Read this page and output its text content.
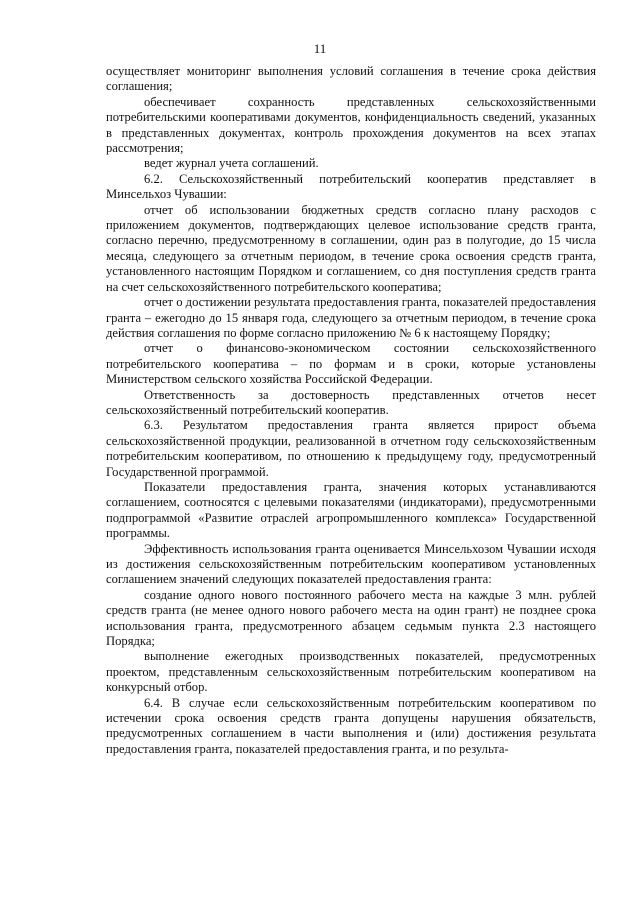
11

осуществляет мониторинг выполнения условий соглашения в течение срока действия соглашения;

обеспечивает сохранность представленных сельскохозяйственными потребительскими кооперативами документов, конфиденциальность сведений, указанных в представленных документах, контроль прохождения документов на всех этапах рассмотрения;

ведет журнал учета соглашений.

6.2. Сельскохозяйственный потребительский кооператив представляет в Минсельхоз Чувашии:

отчет об использовании бюджетных средств согласно плану расходов с приложением документов, подтверждающих целевое использование средств гранта, согласно перечню, предусмотренному в соглашении, один раз в полугодие, до 15 числа месяца, следующего за отчетным периодом, в течение срока освоения средств гранта, установленного настоящим Порядком и соглашением, со дня поступления средств гранта на счет сельскохозяйственного потребительского кооператива;

отчет о достижении результата предоставления гранта, показателей предоставления гранта – ежегодно до 15 января года, следующего за отчетным периодом, в течение срока действия соглашения по форме согласно приложению № 6 к настоящему Порядку;

отчет о финансово-экономическом состоянии сельскохозяйственного потребительского кооператива – по формам и в сроки, которые установлены Министерством сельского хозяйства Российской Федерации.

Ответственность за достоверность представленных отчетов несет сельскохозяйственный потребительский кооператив.

6.3. Результатом предоставления гранта является прирост объема сельскохозяйственной продукции, реализованной в отчетном году сельскохозяйственным потребительским кооперативом, по отношению к предыдущему году, предусмотренный Государственной программой.

Показатели предоставления гранта, значения которых устанавливаются соглашением, соотносятся с целевыми показателями (индикаторами), предусмотренными подпрограммой «Развитие отраслей агропромышленного комплекса» Государственной программы.

Эффективность использования гранта оценивается Минсельхозом Чувашии исходя из достижения сельскохозяйственным потребительским кооперативом установленных соглашением значений следующих показателей предоставления гранта:

создание одного нового постоянного рабочего места на каждые 3 млн. рублей средств гранта (не менее одного нового рабочего места на один грант) не позднее срока использования гранта, предусмотренного абзацем седьмым пункта 2.3 настоящего Порядка;

выполнение ежегодных производственных показателей, предусмотренных проектом, представленным сельскохозяйственным потребительским кооперативом на конкурсный отбор.

6.4. В случае если сельскохозяйственным потребительским кооперативом по истечении срока освоения средств гранта допущены нарушения обязательств, предусмотренных соглашением в части выполнения и (или) достижения результата предоставления гранта, показателей предоставления гранта, и по результа-
